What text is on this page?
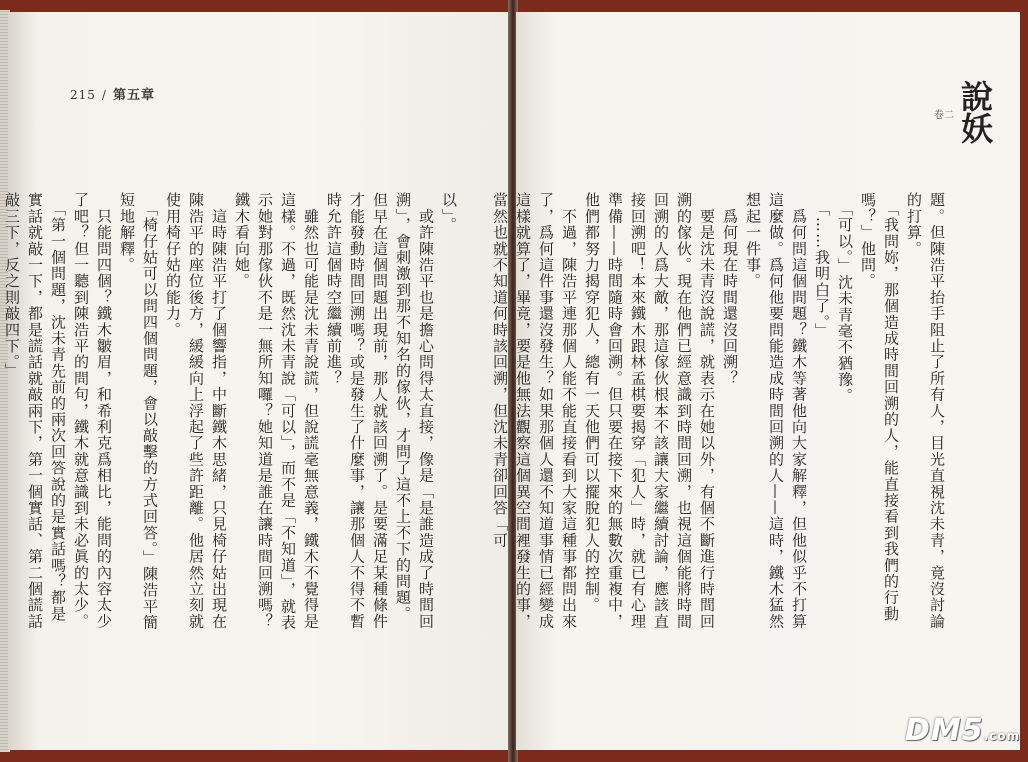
215 / 第五章

以」。

　或許陳浩平也是擔心問得太直接，像是「是誰造成了時間回溯」，會刺激到那不知名的傢伙，才問了這不上不下的問題。但早在這個問題出現前，那人就該回溯了。是要滿足某種條件才能發動時間回溯嗎？或是發生了什麼事，讓那個人不得不暫時允許這個時空繼續前進？

　雖然也可能是沈未青說謊，但說謊毫無意義，鐵木不覺得是這樣。不過，既然沈未青說「可以」，而不是「不知道」，就表示她對那傢伙不是一無所知囉？她知道是誰在讓時間回溯嗎？鐵木看向她。

　這時陳浩平打了個響指，中斷鐵木思緒，只見椅仔姑出現在陳浩平的座位後方，緩緩向上浮起了些許距離。他居然立刻就使用椅仔姑的能力。

　「椅仔姑可以問四個問題，會以敲擊的方式回答。」陳浩平簡短地解釋。

　只能問四個？鐵木皺眉，和希利克爲相比，能問的內容太少了吧？但一聽到陳浩平的問句，鐵木就意識到未必眞的太少。

　「第一個問題，沈未青先前的兩次回答說的是實話嗎？都是實話就敲一下，都是謊話就敲兩下，第一個實話、第二個謊話敲三下，反之則敲四下。」

說妖
卷二

題。但陳浩平抬手阻止了所有人，目光直視沈未青，竟沒討論的打算。

　「我問妳，那個造成時間回溯的人，能直接看到我們的行動嗎？」他問。

　「可以。」沈未青毫不猶豫。

　「……我明白了。」

　爲何問這個問題？鐵木等著他向大家解釋，但他似乎不打算這麼做。爲何他要問能造成時間回溯的人——這時，鐵木猛然想起一件事。

　爲何現在時間還沒回溯？

　要是沈未青沒說謊，就表示在她以外，有個不斷進行時間回溯的傢伙。現在他們已經意識到時間回溯，也視這個能將時間回溯的人爲大敵，那這傢伙根本不該讓大家繼續討論，應該直接回溯吧！本來鐵木跟林孟棋要揭穿「犯人」時，就已有心理準備——時間隨時會回溯。但只要在接下來的無數次重複中，他們都努力揭穿犯人，總有一天他們可以擺脫犯人的控制。

　不過，陳浩平連那個人能不能直接看到大家這種事都問出來了，爲何這件事還沒發生？如果那個人還不知道事情已經變成這樣就算了，畢竟，要是他無法觀察這個異空間裡發生的事，當然也就不知道何時該回溯，但沈未青卻回答「可

DM5.com
